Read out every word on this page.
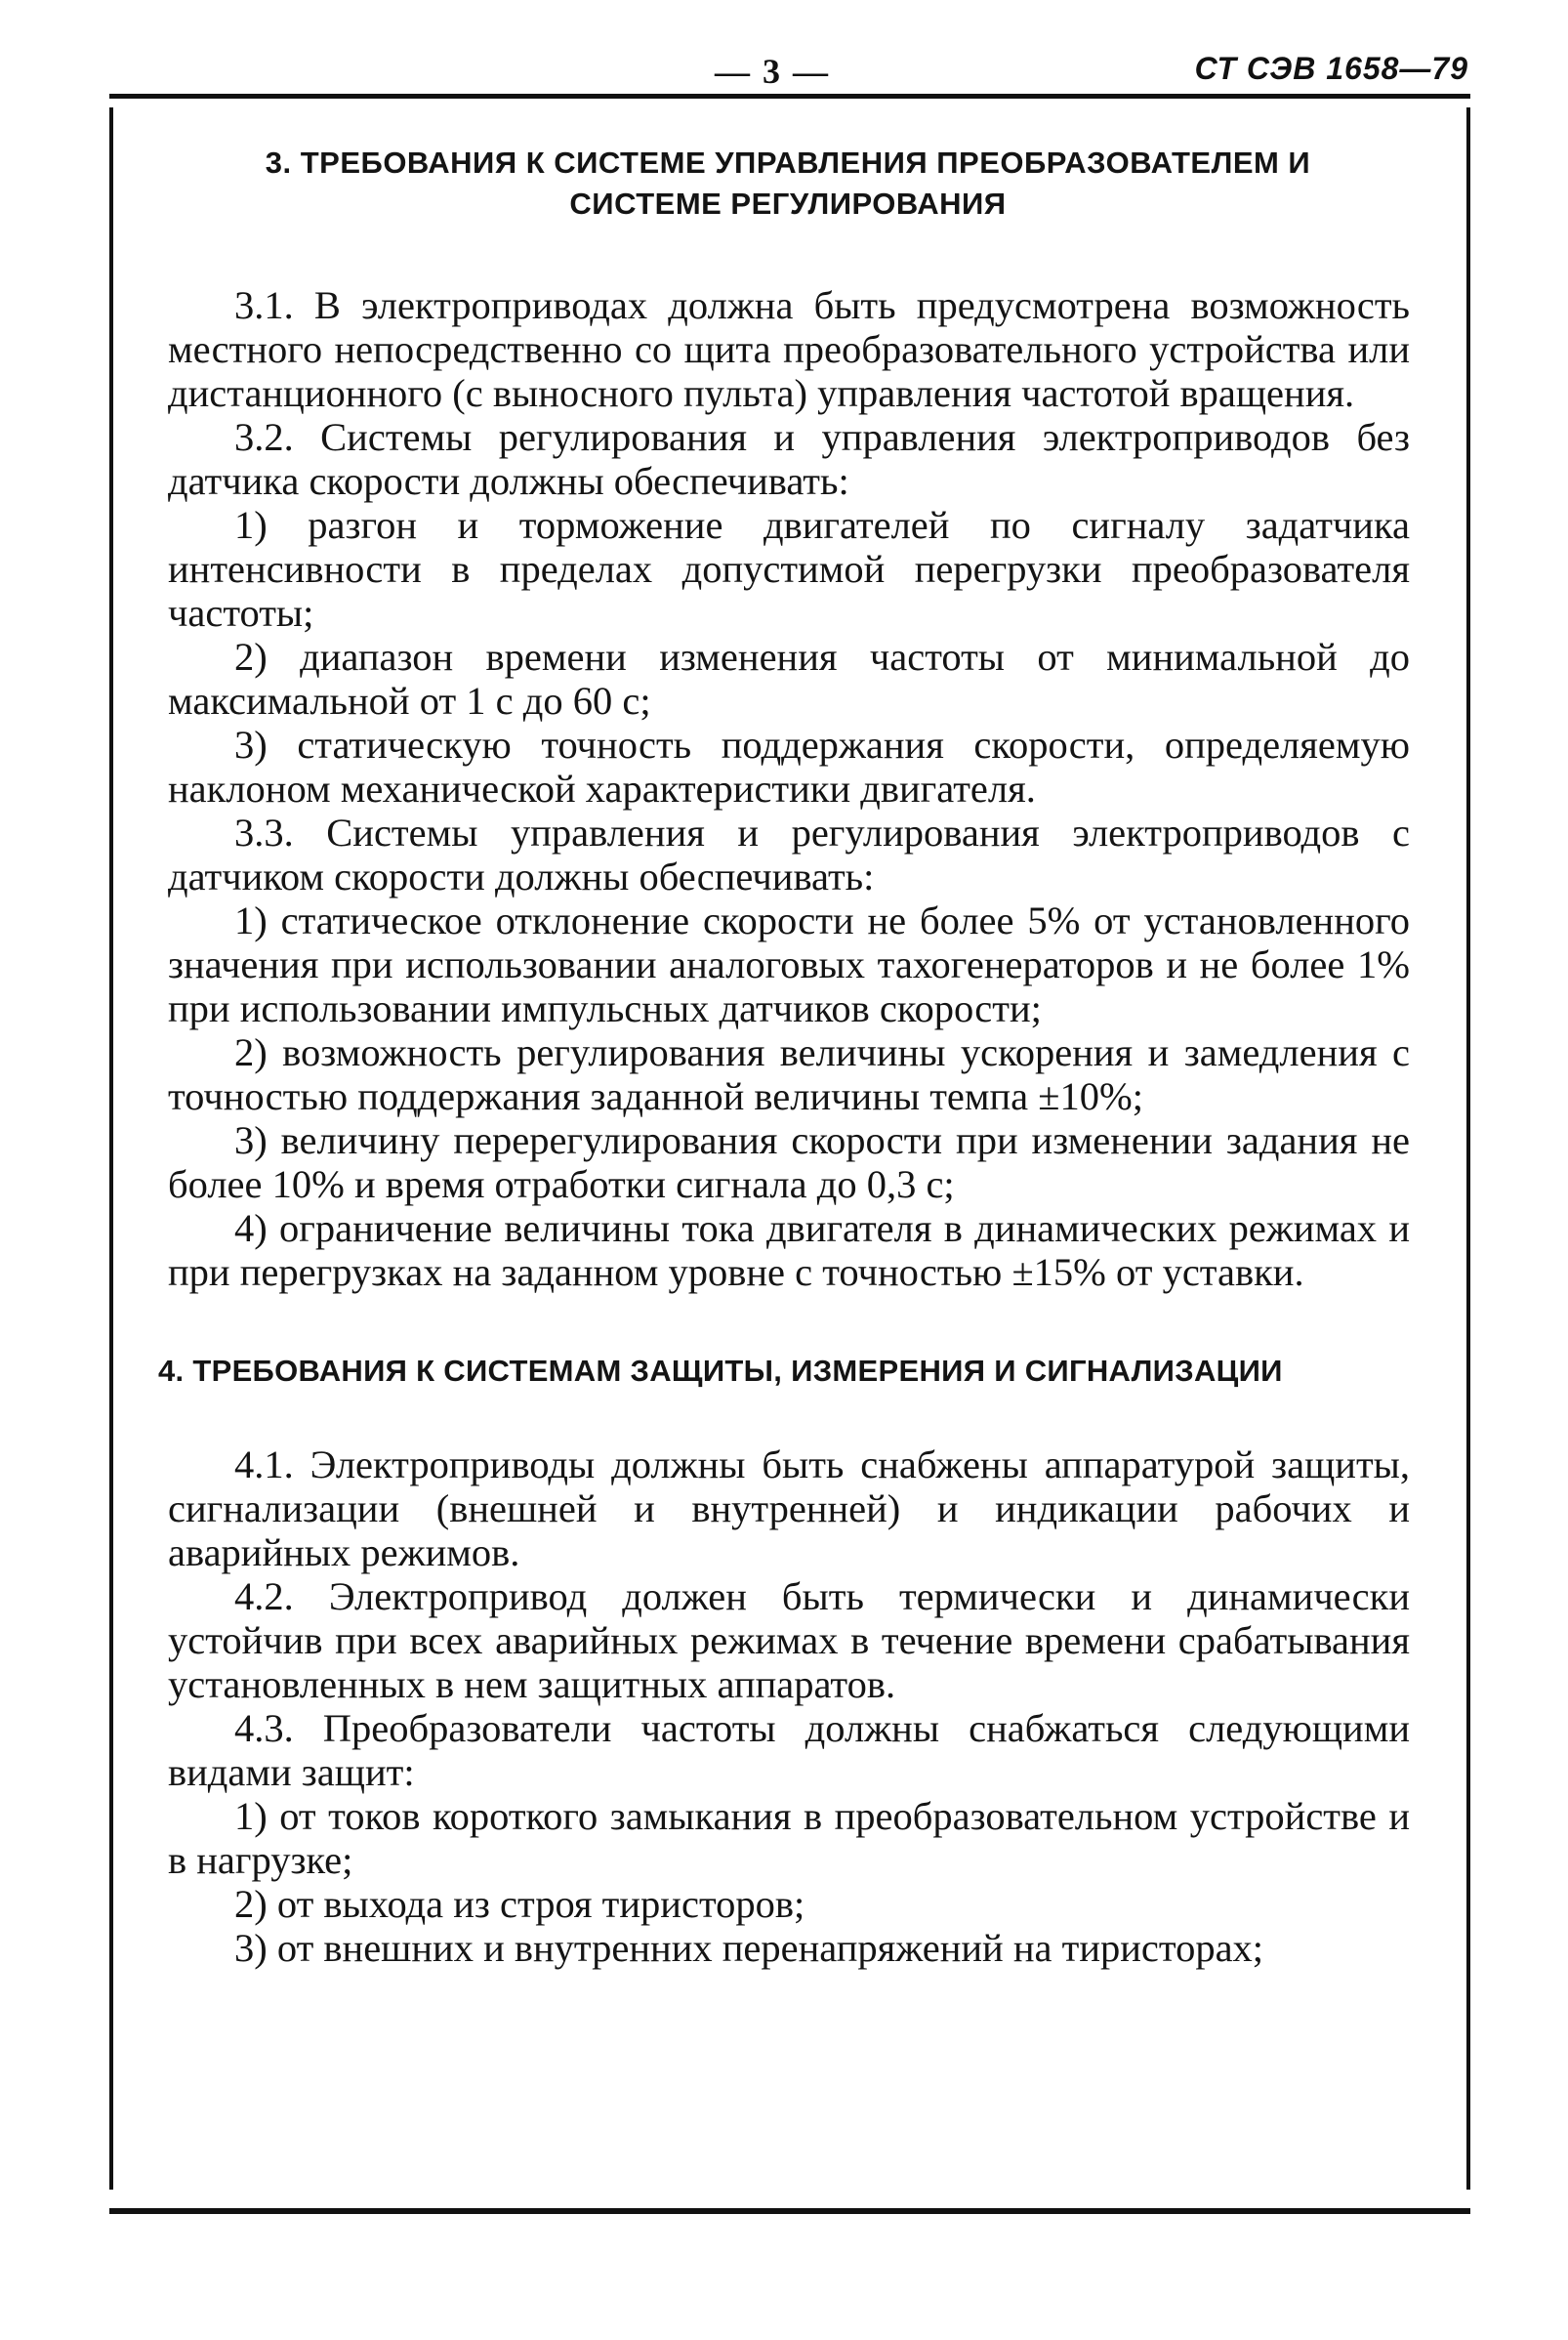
— 3 —	СТ СЭВ 1658—79
3. ТРЕБОВАНИЯ К СИСТЕМЕ УПРАВЛЕНИЯ ПРЕОБРАЗОВАТЕЛЕМ И СИСТЕМЕ РЕГУЛИРОВАНИЯ

3.1. В электроприводах должна быть предусмотрена возможность местного непосредственно со щита преобразовательного устройства или дистанционного (с выносного пульта) управления частотой вращения.

3.2. Системы регулирования и управления электроприводов без датчика скорости должны обеспечивать:

1) разгон и торможение двигателей по сигналу задатчика интенсивности в пределах допустимой перегрузки преобразователя частоты;

2) диапазон времени изменения частоты от минимальной до максимальной от 1 с до 60 с;

3) статическую точность поддержания скорости, определяемую наклоном механической характеристики двигателя.

3.3. Системы управления и регулирования электроприводов с датчиком скорости должны обеспечивать:

1) статическое отклонение скорости не более 5% от установленного значения при использовании аналоговых тахогенераторов и не более 1% при использовании импульсных датчиков скорости;

2) возможность регулирования величины ускорения и замедления с точностью поддержания заданной величины темпа ±10%;

3) величину перерегулирования скорости при изменении задания не более 10% и время отработки сигнала до 0,3 с;

4) ограничение величины тока двигателя в динамических режимах и при перегрузках на заданном уровне с точностью ±15% от уставки.

4. ТРЕБОВАНИЯ К СИСТЕМАМ ЗАЩИТЫ, ИЗМЕРЕНИЯ И СИГНАЛИЗАЦИИ

4.1. Электроприводы должны быть снабжены аппаратурой защиты, сигнализации (внешней и внутренней) и индикации рабочих и аварийных режимов.

4.2. Электропривод должен быть термически и динамически устойчив при всех аварийных режимах в течение времени срабатывания установленных в нем защитных аппаратов.

4.3. Преобразователи частоты должны снабжаться следующими видами защит:

1) от токов короткого замыкания в преобразовательном устройстве и в нагрузке;

2) от выхода из строя тиристоров;

3) от внешних и внутренних перенапряжений на тиристорах;
